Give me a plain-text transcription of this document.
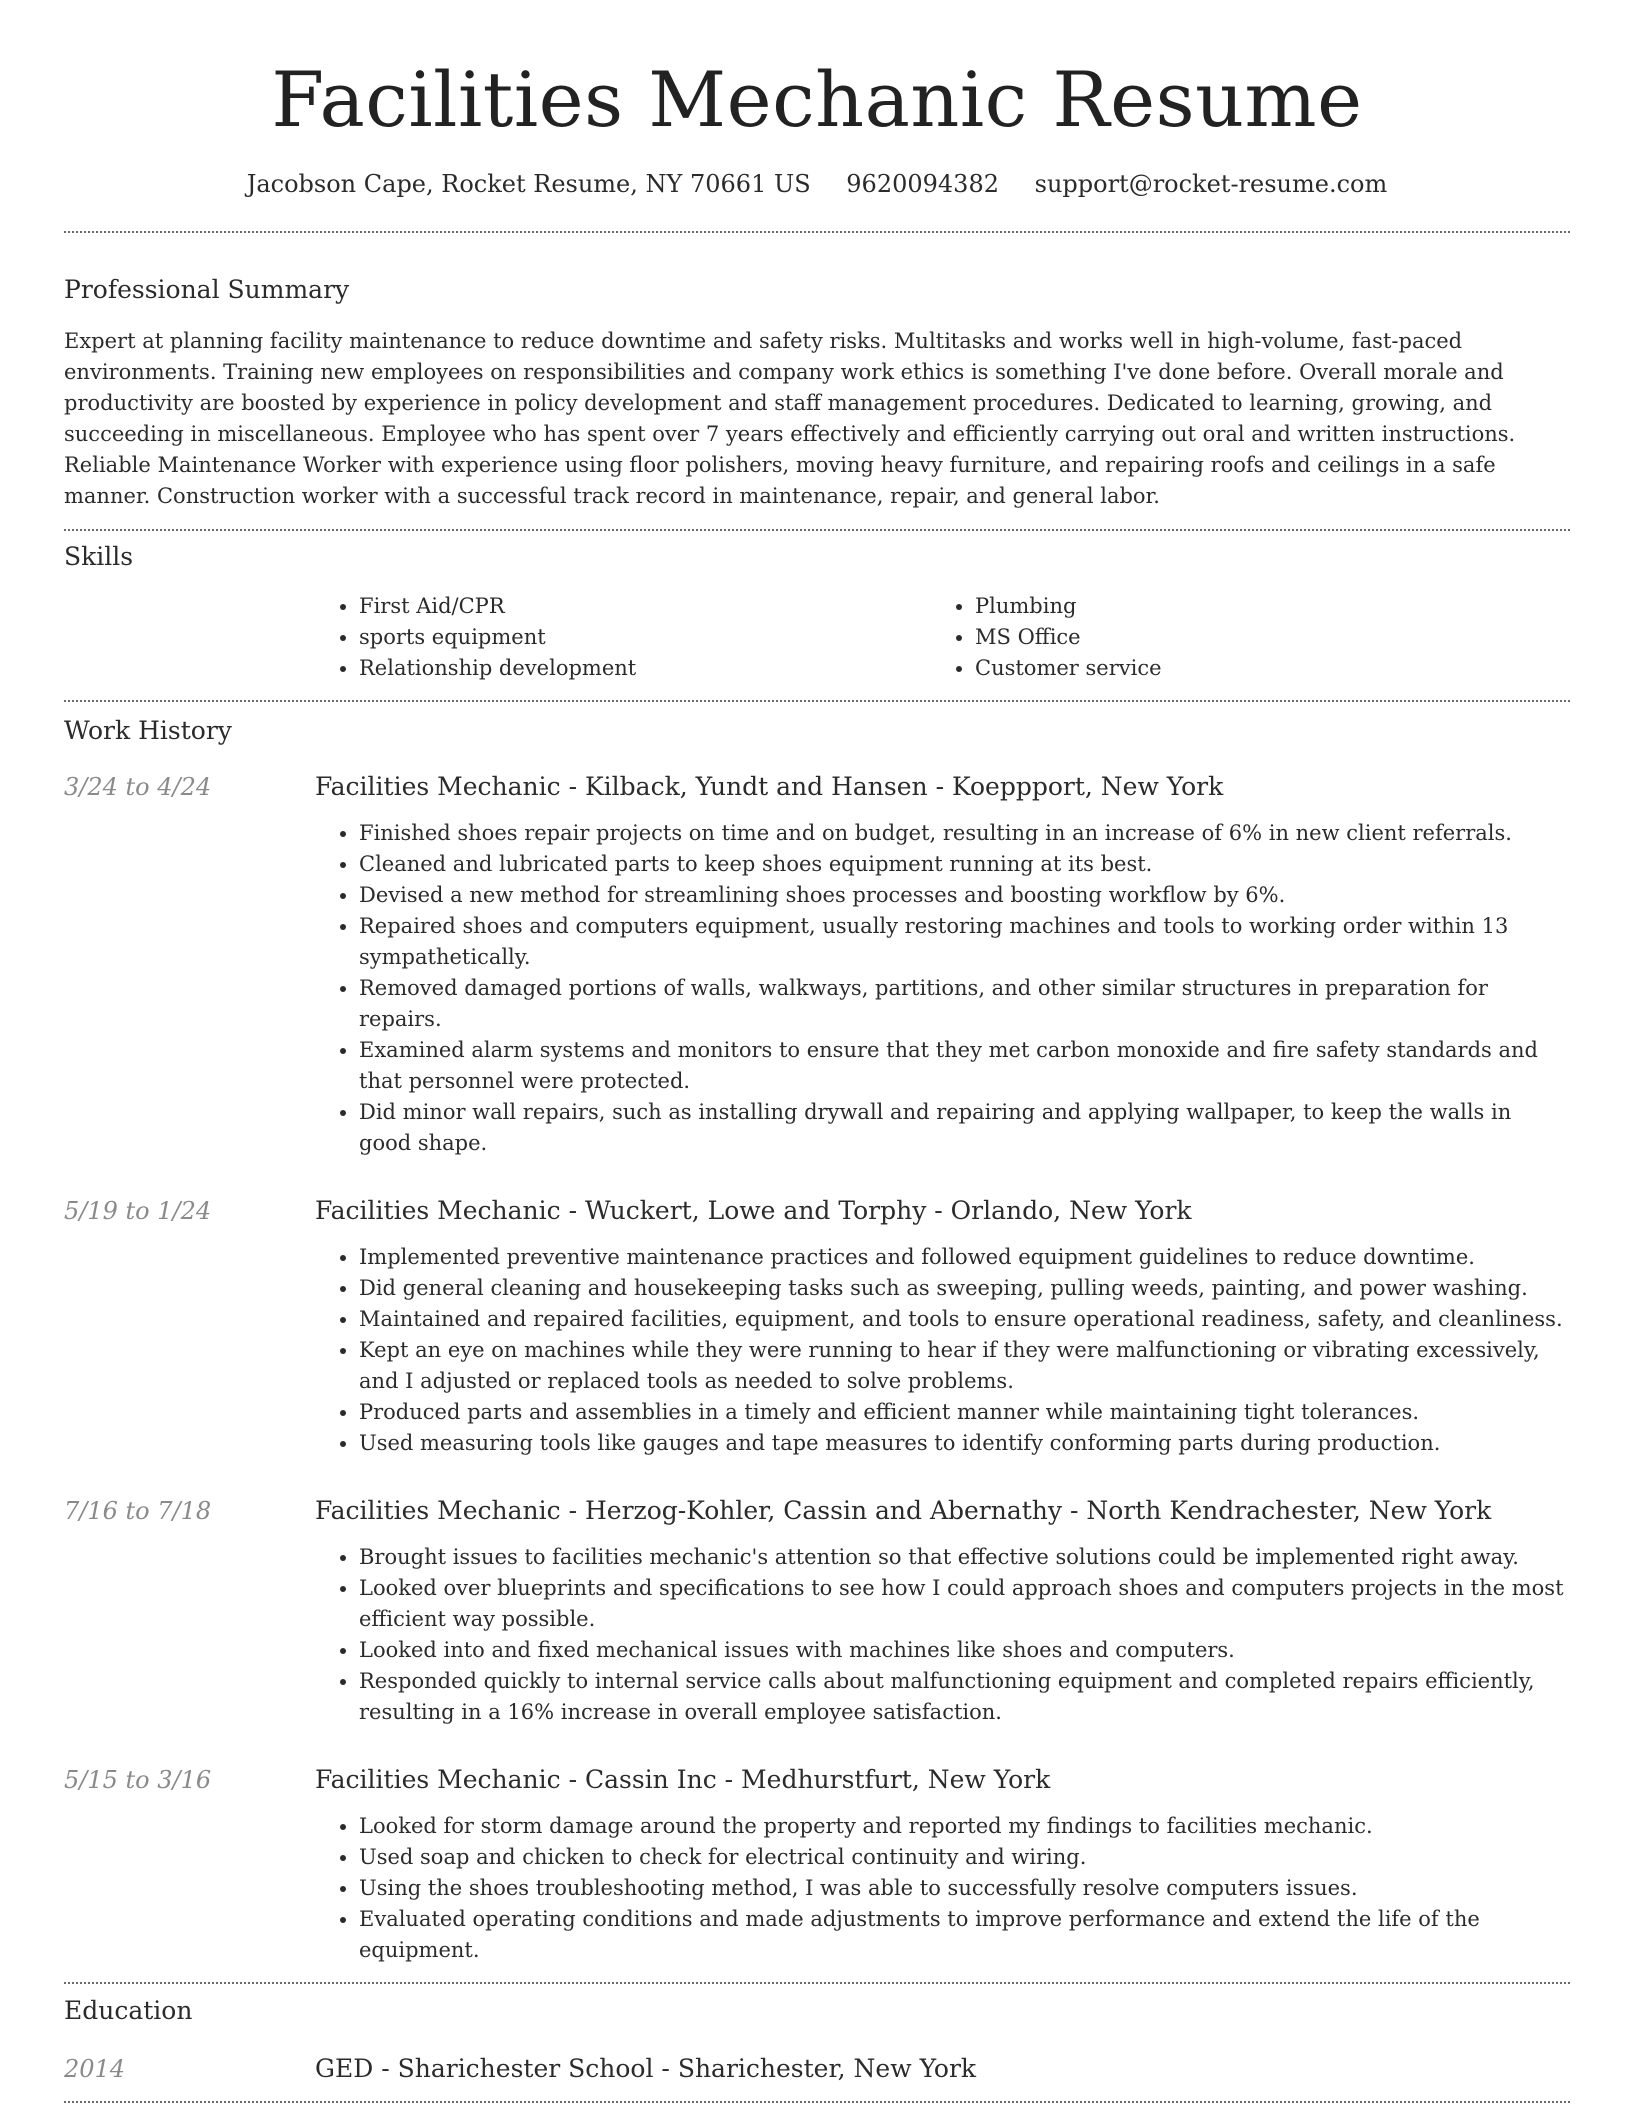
Facilities Mechanic Resume
Jacobson Cape, Rocket Resume, NY 70661 US 9620094382 support@rocket-resume.com
Professional Summary

Expert at planning facility maintenance to reduce downtime and safety risks. Multitasks and works well in high-volume, fast-paced environments. Training new employees on responsibilities and company work ethics is something I've done before. Overall morale and productivity are boosted by experience in policy development and staff management procedures. Dedicated to learning, growing, and succeeding in miscellaneous. Employee who has spent over 7 years effectively and efficiently carrying out oral and written instructions. Reliable Maintenance Worker with experience using floor polishers, moving heavy furniture, and repairing roofs and ceilings in a safe manner. Construction worker with a successful track record in maintenance, repair, and general labor.

Skills
• First Aid/CPR
• sports equipment
• Relationship development
• Plumbing
• MS Office
• Customer service
Work History
3/24 to 4/24	Facilities Mechanic - Kilback, Yundt and Hansen - Koeppport, New York
• Finished shoes repair projects on time and on budget, resulting in an increase of 6% in new client referrals.
• Cleaned and lubricated parts to keep shoes equipment running at its best.
• Devised a new method for streamlining shoes processes and boosting workflow by 6%.
• Repaired shoes and computers equipment, usually restoring machines and tools to working order within 13 sympathetically.
• Removed damaged portions of walls, walkways, partitions, and other similar structures in preparation for repairs.
• Examined alarm systems and monitors to ensure that they met carbon monoxide and fire safety standards and that personnel were protected.
• Did minor wall repairs, such as installing drywall and repairing and applying wallpaper, to keep the walls in good shape.
5/19 to 1/24	Facilities Mechanic - Wuckert, Lowe and Torphy - Orlando, New York
• Implemented preventive maintenance practices and followed equipment guidelines to reduce downtime.
• Did general cleaning and housekeeping tasks such as sweeping, pulling weeds, painting, and power washing.
• Maintained and repaired facilities, equipment, and tools to ensure operational readiness, safety, and cleanliness.
• Kept an eye on machines while they were running to hear if they were malfunctioning or vibrating excessively, and I adjusted or replaced tools as needed to solve problems.
• Produced parts and assemblies in a timely and efficient manner while maintaining tight tolerances.
• Used measuring tools like gauges and tape measures to identify conforming parts during production.
7/16 to 7/18	Facilities Mechanic - Herzog-Kohler, Cassin and Abernathy - North Kendrachester, New York
• Brought issues to facilities mechanic's attention so that effective solutions could be implemented right away.
• Looked over blueprints and specifications to see how I could approach shoes and computers projects in the most efficient way possible.
• Looked into and fixed mechanical issues with machines like shoes and computers.
• Responded quickly to internal service calls about malfunctioning equipment and completed repairs efficiently, resulting in a 16% increase in overall employee satisfaction.
5/15 to 3/16	Facilities Mechanic - Cassin Inc - Medhurstfurt, New York
• Looked for storm damage around the property and reported my findings to facilities mechanic.
• Used soap and chicken to check for electrical continuity and wiring.
• Using the shoes troubleshooting method, I was able to successfully resolve computers issues.
• Evaluated operating conditions and made adjustments to improve performance and extend the life of the equipment.
Education
2014	GED - Sharichester School - Sharichester, New York
